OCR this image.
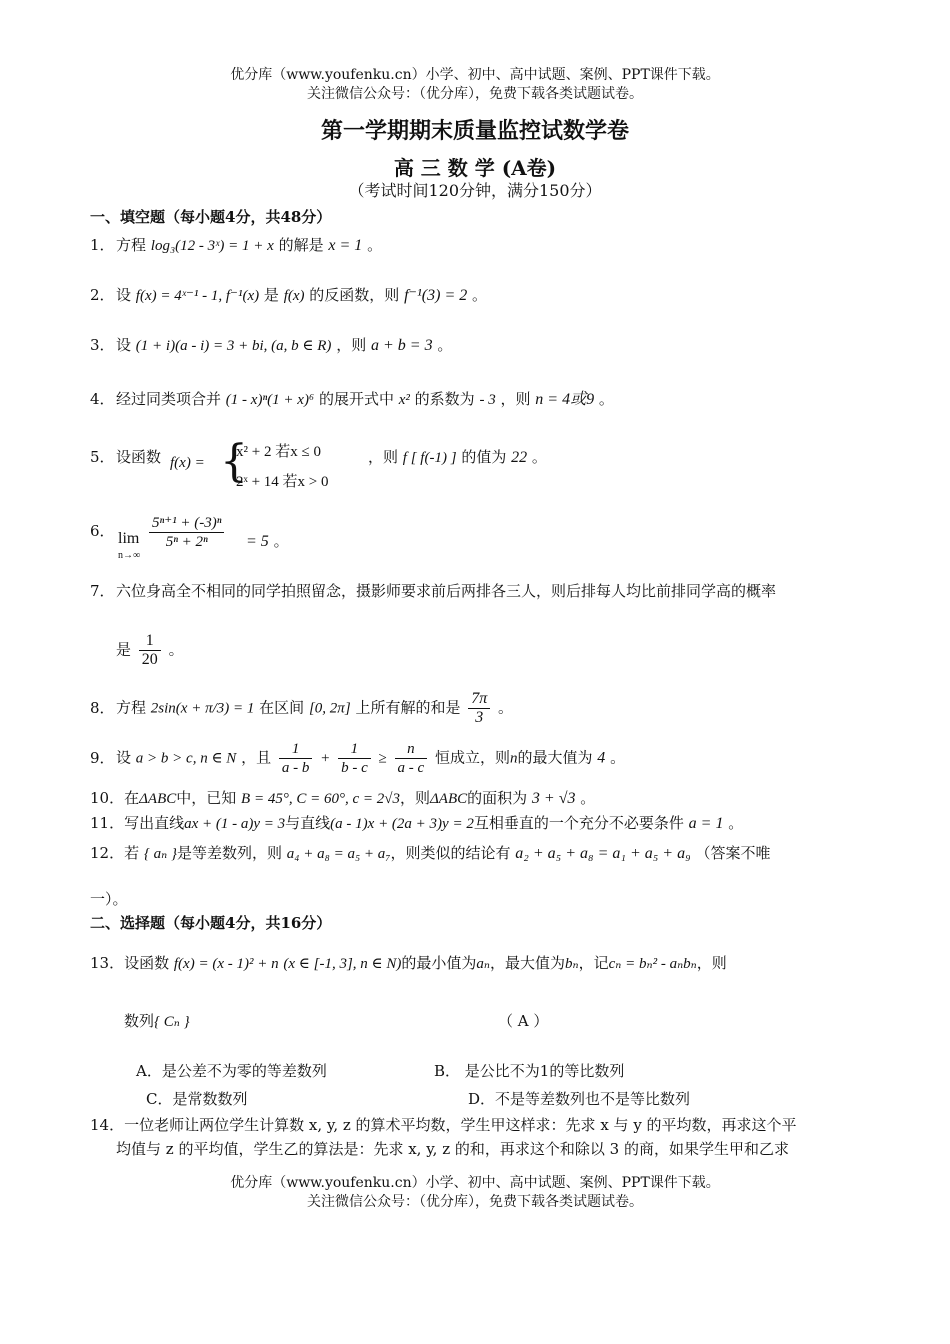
优分库（www.youfenku.cn）小学、初中、高中试题、案例、PPT课件下载。
关注微信公众号：（优分库），免费下载各类试题试卷。
第一学期期末质量监控试数学卷
高 三 数 学 (A卷)
（考试时间120分钟，满分150分）
一、填空题（每小题4分，共48分）
1．方程 log₃(12 - 3ˣ) = 1 + x 的解是 x = 1 。
2．设 f(x) = 4ˣ⁻¹ - 1, f⁻¹(x) 是 f(x) 的反函数，则 f⁻¹(3) = 2 。
3．设 (1 + i)(a - i) = 3 + bi, (a, b ∈ R) ，则 a + b = 3 。
4．经过同类项合并 (1 - x)ⁿ(1 + x)⁶ 的展开式中 x² 的系数为 - 3 ，则 n = 4或9 。
5．设函数 f(x) = {
x² + 2 若x ≤ 0
2ˣ + 14 若x > 0
，则 f [ f(-1) ] 的值为 22 。
6． lim
n→∞
$\frac{\text{5ⁿ⁺¹ + (-3)ⁿ}}{\text{5ⁿ + 2ⁿ}} = 5$ 。
7．六位身高全不相同的同学拍照留念，摄影师要求前后两排各三人，则后排每人均比前排同学高的概率
是 $\frac{1}{20}$ 。
8．方程 2sin(x + π/3) = 1 在区间 [0, 2π] 上所有解的和是 $\frac{7\pi}{3}$ 。
9．设 a > b > c, n ∈ N ，且 $\frac{1}{a - b} + \frac{1}{b - c} \ge \frac{n}{a - c}$ 恒成立，则n的最大值为 4 。
10．在ΔABC中，已知 B = 45°, C = 60°, c = 2√3，则ΔABC的面积为 3 + √3 。
11．写出直线ax + (1 - a)y = 3与直线(a - 1)x + (2a + 3)y = 2互相垂直的一个充分不必要条件 a = 1 。
12．若 { aₙ }是等差数列，则 a₄ + a₈ = a₅ + a₇，则类似的结论有 a₂ + a₅ + a₈ = a₁ + a₅ + a₉ （答案不唯
一）。
二、选择题（每小题4分，共16分）
13．设函数 f(x) = (x - 1)² + n (x ∈ [-1, 3], n ∈ N)的最小值为aₙ，最大值为bₙ，记cₙ = bₙ² - aₙbₙ，则
数列{ Cₙ }	（ A ）
A．是公差不为零的等差数列	B． 是公比不为1的等比数列
C．是常数数列	D．不是等差数列也不是等比数列
14．一位老师让两位学生计算数 x, y, z 的算术平均数，学生甲这样求：先求 x 与 y 的平均数，再求这个平
均值与 z 的平均值，学生乙的算法是：先求 x, y, z 的和，再求这个和除以 3 的商，如果学生甲和乙求
优分库（www.youfenku.cn）小学、初中、高中试题、案例、PPT课件下载。
关注微信公众号：（优分库），免费下载各类试题试卷。
